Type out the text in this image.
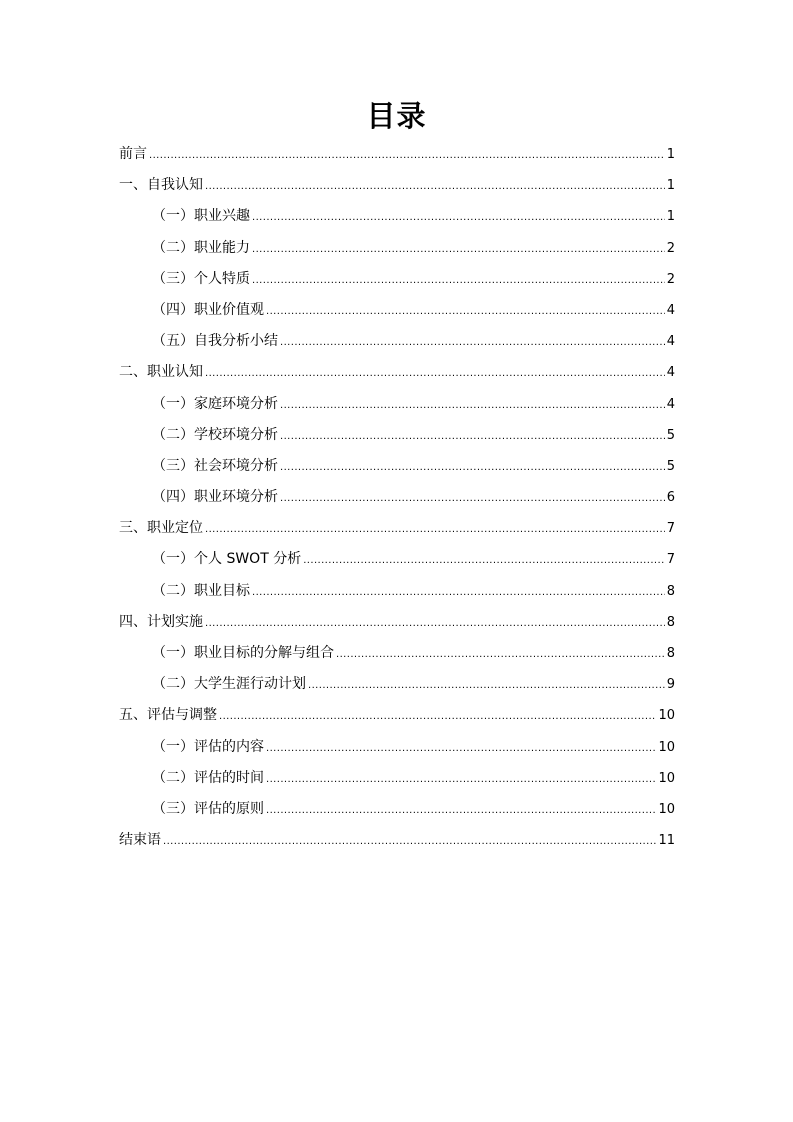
目录
前言 .....	1
一、自我认知 .....	1
（一）职业兴趣 .....	1
（二）职业能力 .....	2
（三）个人特质 .....	2
（四）职业价值观 .....	4
（五）自我分析小结 .....	4
二、职业认知 .....	4
（一）家庭环境分析 .....	4
（二）学校环境分析 .....	5
（三）社会环境分析 .....	5
（四）职业环境分析 .....	6
三、职业定位 .....	7
（一）个人 SWOT 分析 .....	7
（二）职业目标 .....	8
四、计划实施 .....	8
（一）职业目标的分解与组合 .....	8
（二）大学生涯行动计划 .....	9
五、评估与调整 .....	10
（一）评估的内容 .....	10
（二）评估的时间 .....	10
（三）评估的原则 .....	10
结束语 .....	11
